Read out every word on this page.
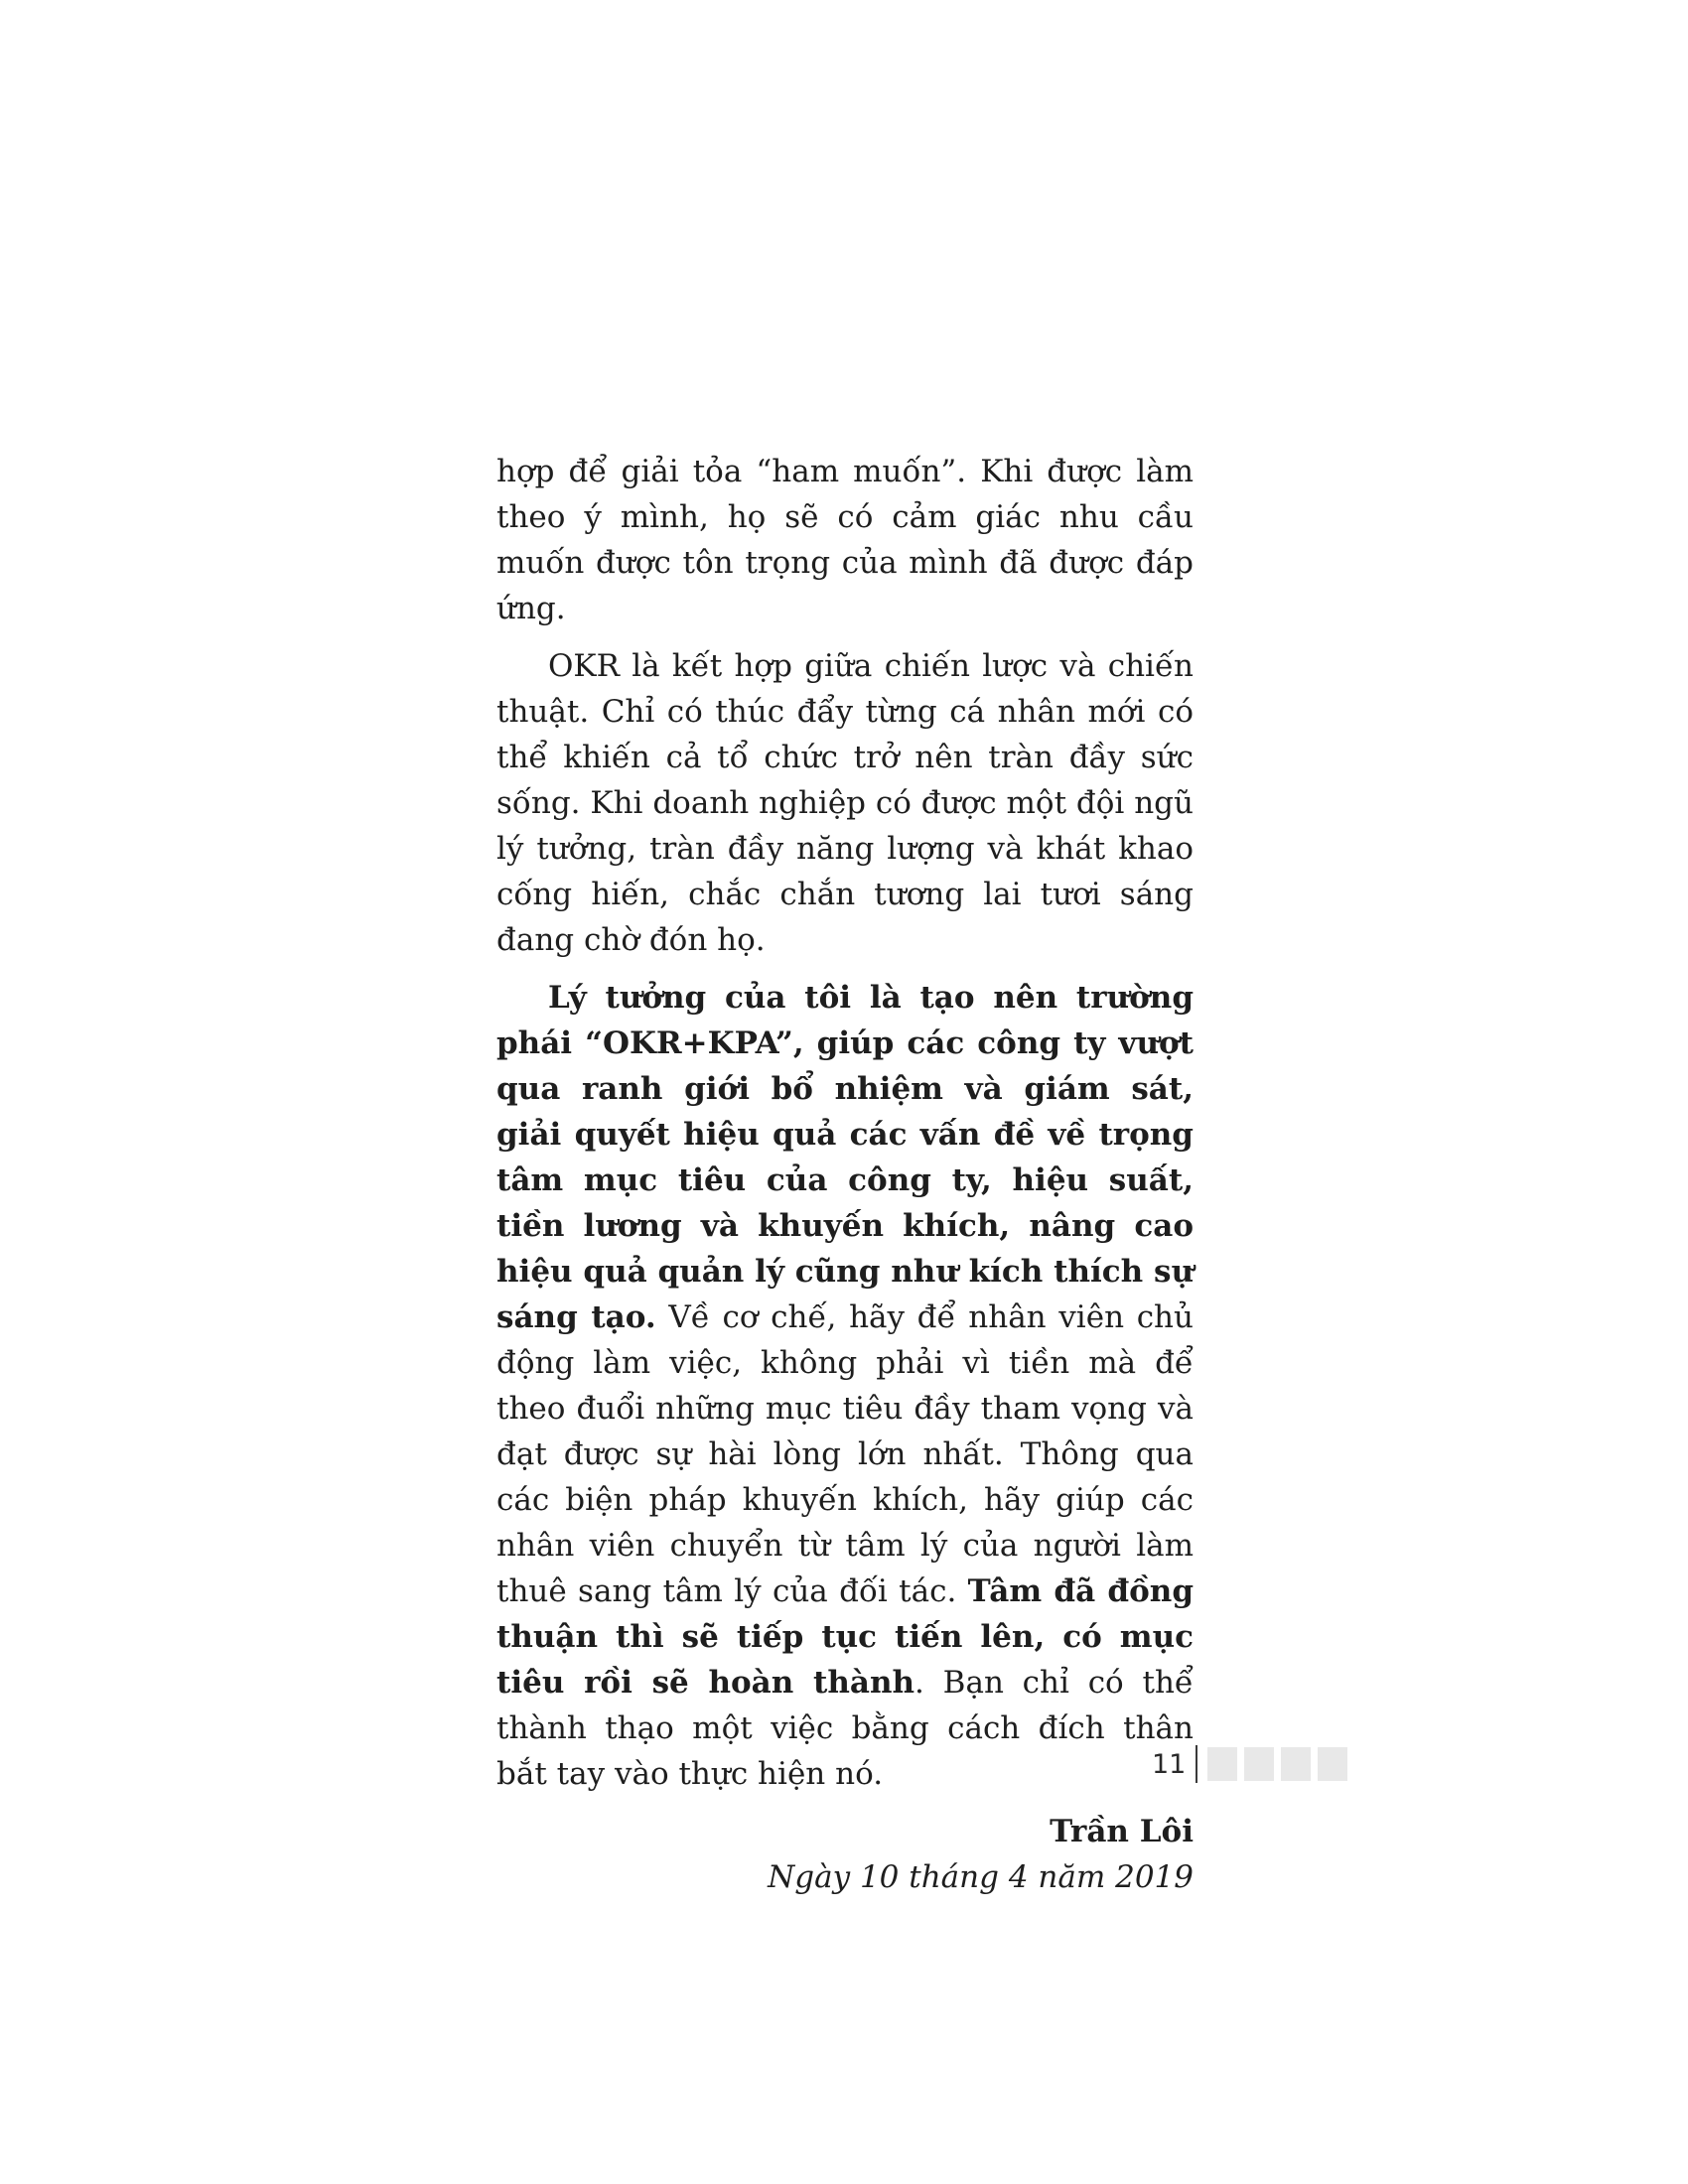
hợp để giải tỏa “ham muốn”. Khi được làm theo ý mình, họ sẽ có cảm giác nhu cầu muốn được tôn trọng của mình đã được đáp ứng.

OKR là kết hợp giữa chiến lược và chiến thuật. Chỉ có thúc đẩy từng cá nhân mới có thể khiến cả tổ chức trở nên tràn đầy sức sống. Khi doanh nghiệp có được một đội ngũ lý tưởng, tràn đầy năng lượng và khát khao cống hiến, chắc chắn tương lai tươi sáng đang chờ đón họ.

Lý tưởng của tôi là tạo nên trường phái “OKR+KPA”, giúp các công ty vượt qua ranh giới bổ nhiệm và giám sát, giải quyết hiệu quả các vấn đề về trọng tâm mục tiêu của công ty, hiệu suất, tiền lương và khuyến khích, nâng cao hiệu quả quản lý cũng như kích thích sự sáng tạo. Về cơ chế, hãy để nhân viên chủ động làm việc, không phải vì tiền mà để theo đuổi những mục tiêu đầy tham vọng và đạt được sự hài lòng lớn nhất. Thông qua các biện pháp khuyến khích, hãy giúp các nhân viên chuyển từ tâm lý của người làm thuê sang tâm lý của đối tác. Tâm đã đồng thuận thì sẽ tiếp tục tiến lên, có mục tiêu rồi sẽ hoàn thành. Bạn chỉ có thể thành thạo một việc bằng cách đích thân bắt tay vào thực hiện nó.

Trần Lôi

Ngày 10 tháng 4 năm 2019

11
